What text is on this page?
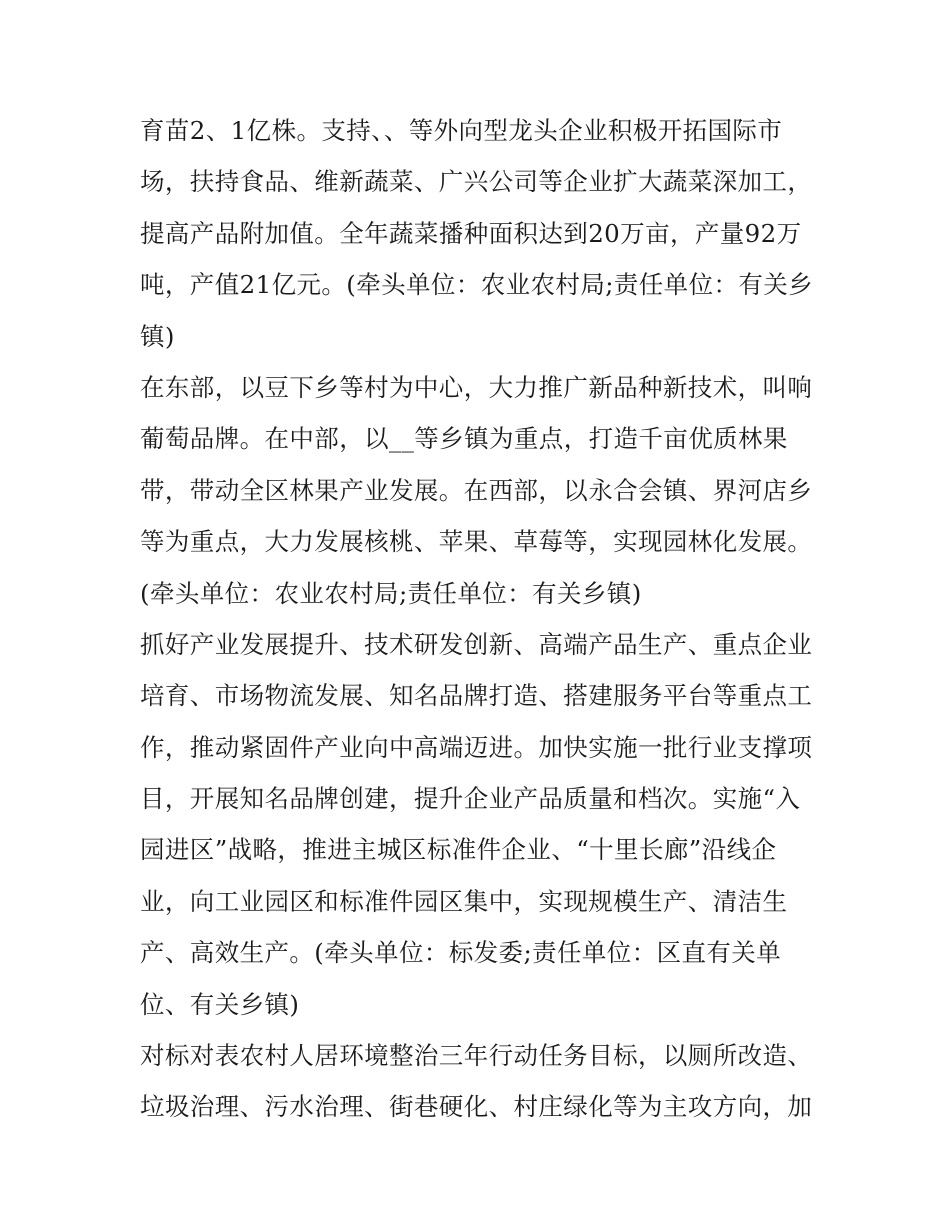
育苗2、1亿株。支持、、等外向型龙头企业积极开拓国际市
场，扶持食品、维新蔬菜、广兴公司等企业扩大蔬菜深加工，
提高产品附加值。全年蔬菜播种面积达到20万亩，产量92万
吨，产值21亿元。(牵头单位：农业农村局;责任单位：有关乡
镇)

在东部，以豆下乡等村为中心，大力推广新品种新技术，叫响
葡萄品牌。在中部，以__等乡镇为重点，打造千亩优质林果
带，带动全区林果产业发展。在西部，以永合会镇、界河店乡
等为重点，大力发展核桃、苹果、草莓等，实现园林化发展。
(牵头单位：农业农村局;责任单位：有关乡镇)

抓好产业发展提升、技术研发创新、高端产品生产、重点企业
培育、市场物流发展、知名品牌打造、搭建服务平台等重点工
作，推动紧固件产业向中高端迈进。加快实施一批行业支撑项
目，开展知名品牌创建，提升企业产品质量和档次。实施“入
园进区”战略，推进主城区标准件企业、“十里长廊”沿线企
业，向工业园区和标准件园区集中，实现规模生产、清洁生
产、高效生产。(牵头单位：标发委;责任单位：区直有关单
位、有关乡镇)

对标对表农村人居环境整治三年行动任务目标，以厕所改造、
垃圾治理、污水治理、街巷硬化、村庄绿化等为主攻方向，加
